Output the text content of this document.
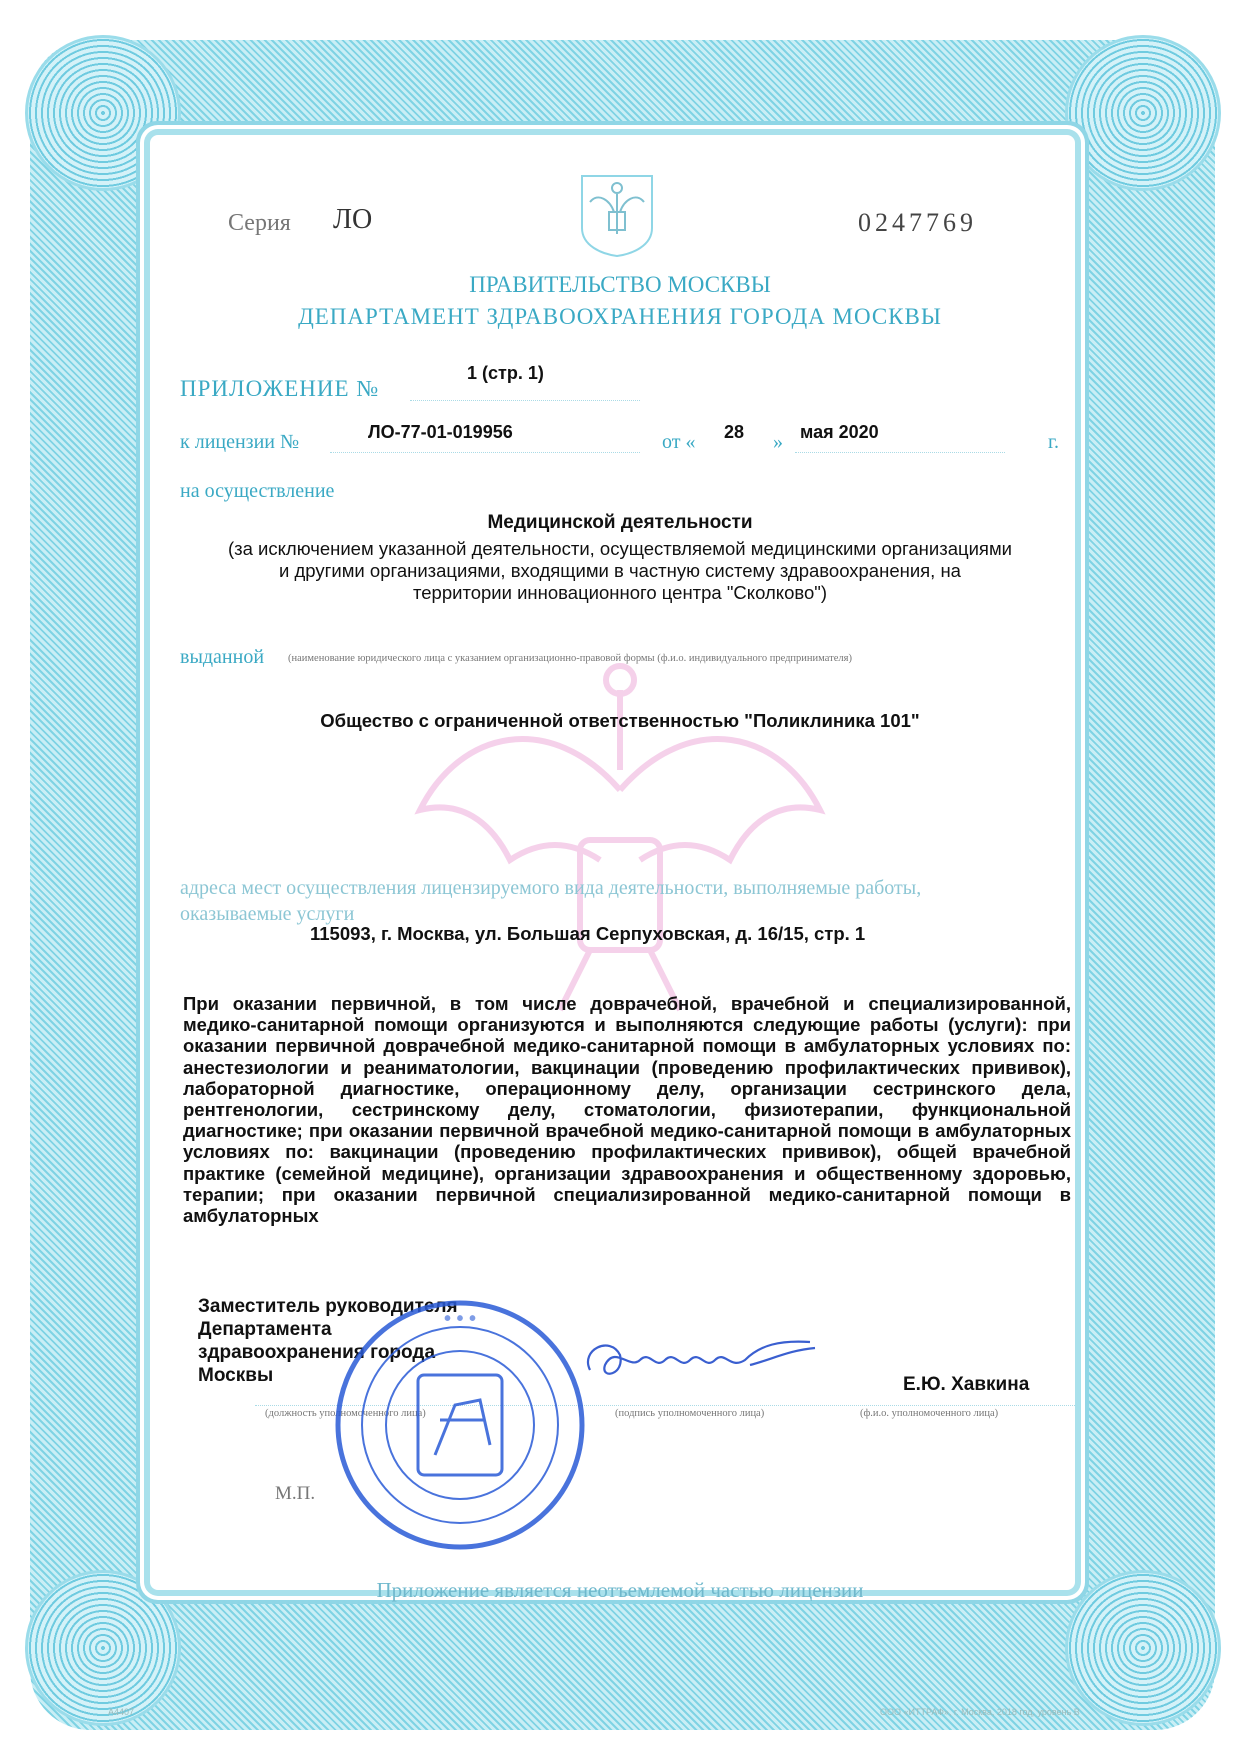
Серия ЛО	0247769
ПРАВИТЕЛЬСТВО МОСКВЫ
ДЕПАРТАМЕНТ ЗДРАВООХРАНЕНИЯ ГОРОДА МОСКВЫ
ПРИЛОЖЕНИЕ №
1 (стр. 1)
к лицензии №	ЛО-77-01-019956	от « 28 » мая 2020	г.
на осуществление
Медицинской деятельности
(за исключением указанной деятельности, осуществляемой медицинскими организациями
и другими организациями, входящими в частную систему здравоохранения, на
территории инновационного центра "Сколково")
выданной (наименование юридического лица с указанием организационно-правовой формы (ф.и.о. индивидуального предпринимателя)
Общество с ограниченной ответственностью "Поликлиника 101"
адреса мест осуществления лицензируемого вида деятельности, выполняемые работы,
оказываемые услуги
115093, г. Москва, ул. Большая Серпуховская, д. 16/15, стр. 1
При оказании первичной, в том числе доврачебной, врачебной и специализированной, медико-санитарной помощи организуются и выполняются следующие работы (услуги): при оказании первичной доврачебной медико-санитарной помощи в амбулаторных условиях по: анестезиологии и реаниматологии, вакцинации (проведению профилактических прививок), лабораторной диагностике, операционному делу, организации сестринского дела, рентгенологии, сестринскому делу, стоматологии, физиотерапии, функциональной диагностике; при оказании первичной врачебной медико-санитарной помощи в амбулаторных условиях по: вакцинации (проведению профилактических прививок), общей врачебной практике (семейной медицине), организации здравоохранения и общественному здоровью, терапии; при оказании первичной специализированной медико-санитарной помощи в амбулаторных
Заместитель руководителя
Департамента
здравоохранения города
Москвы	Е.Ю. Хавкина
(должность уполномоченного лица)	(подпись уполномоченного лица)	(ф.и.о. уполномоченного лица)
М.П.
• • •
Приложение является неотъемлемой частью лицензии
А4407	ООО «ИТТРАФ», г. Москва, 2018 год, уровень В
